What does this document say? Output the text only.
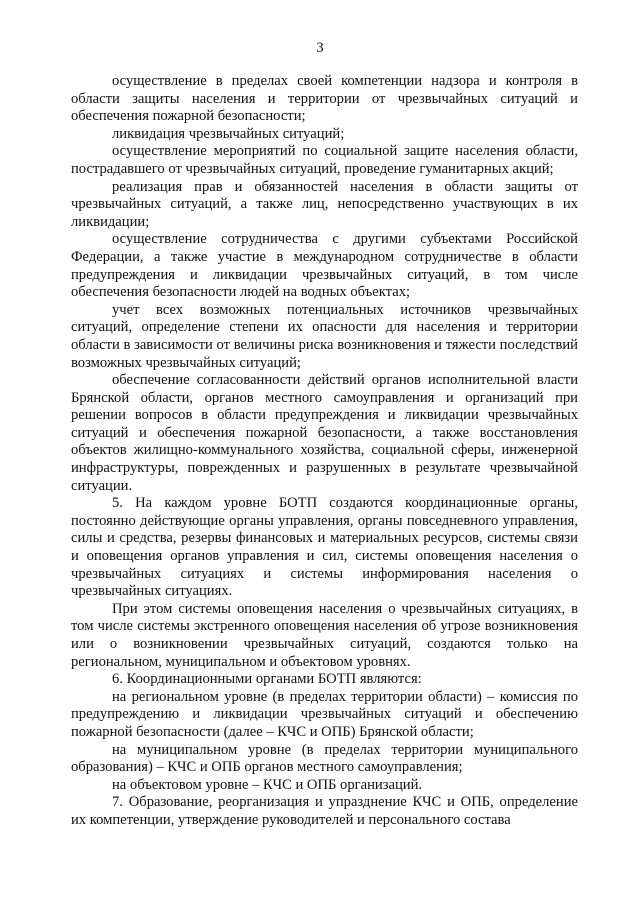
3

осуществление в пределах своей компетенции надзора и контроля в области защиты населения и территории от чрезвычайных ситуаций и обеспечения пожарной безопасности;

ликвидация чрезвычайных ситуаций;

осуществление мероприятий по социальной защите населения области, пострадавшего от чрезвычайных ситуаций, проведение гуманитарных акций;

реализация прав и обязанностей населения в области защиты от чрезвычайных ситуаций, а также лиц, непосредственно участвующих в их ликвидации;

осуществление сотрудничества с другими субъектами Российской Федерации, а также участие в международном сотрудничестве в области предупреждения и ликвидации чрезвычайных ситуаций, в том числе обеспечения безопасности людей на водных объектах;

учет всех возможных потенциальных источников чрезвычайных ситуаций, определение степени их опасности для населения и территории области в зависимости от величины риска возникновения и тяжести последствий возможных чрезвычайных ситуаций;

обеспечение согласованности действий органов исполнительной власти Брянской области, органов местного самоуправления и организаций при решении вопросов в области предупреждения и ликвидации чрезвычайных ситуаций и обеспечения пожарной безопасности, а также восстановления объектов жилищно-коммунального хозяйства, социальной сферы, инженерной инфраструктуры, поврежденных и разрушенных в результате чрезвычайной ситуации.

5. На каждом уровне БОТП создаются координационные органы, постоянно действующие органы управления, органы повседневного управления, силы и средства, резервы финансовых и материальных ресурсов, системы связи и оповещения органов управления и сил, системы оповещения населения о чрезвычайных ситуациях и системы информирования населения о чрезвычайных ситуациях.

При этом системы оповещения населения о чрезвычайных ситуациях, в том числе системы экстренного оповещения населения об угрозе возникновения или о возникновении чрезвычайных ситуаций, создаются только на региональном, муниципальном и объектовом уровнях.

6. Координационными органами БОТП являются:

на региональном уровне (в пределах территории области) – комиссия по предупреждению и ликвидации чрезвычайных ситуаций и обеспечению пожарной безопасности (далее – КЧС и ОПБ) Брянской области;

на муниципальном уровне (в пределах территории муниципального образования) – КЧС и ОПБ органов местного самоуправления;

на объектовом уровне – КЧС и ОПБ организаций.

7. Образование, реорганизация и упразднение КЧС и ОПБ, определение их компетенции, утверждение руководителей и персонального состава
